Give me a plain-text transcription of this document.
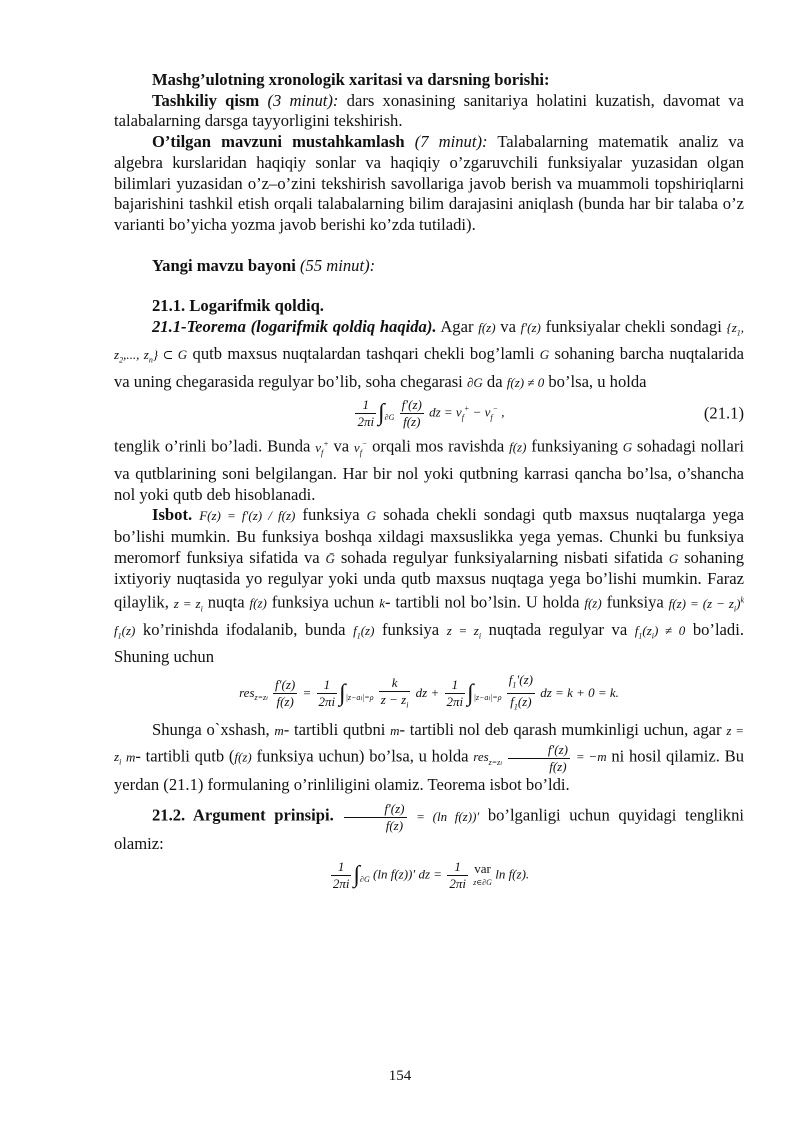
Mashg’ulotning xronologik xaritasi va darsning borishi:

Tashkiliy qism (3 minut): dars xonasining sanitariya holatini kuzatish, davomat va talabalarning darsga tayyorligini tekshirish.

O’tilgan mavzuni mustahkamlash (7 minut): Talabalarning matematik analiz va algebra kurslaridan haqiqiy sonlar va haqiqiy o’zgaruvchili funksiyalar yuzasidan olgan bilimlari yuzasidan o’z–o’zini tekshirish savollariga javob berish va muammoli topshiriqlarni bajarishini tashkil etish orqali talabalarning bilim darajasini aniqlash (bunda har bir talaba o’z varianti bo’yicha yozma javob berishi ko’zda tutiladi).

Yangi mavzu bayoni (55 minut):

21.1. Logarifmik qoldiq.

21.1-Teorema (logarifmik qoldiq haqida). Agar f(z) va f′(z) funksiyalar chekli sondagi {$z_1$, $z_2$,..., $z_n$} ⊂ G qutb maxsus nuqtalardan tashqari chekli bog’lamli G sohaning barcha nuqtalarida va uning chegarasida regulyar bo’lib, soha chegarasi ∂G da f(z) ≠ 0 bo’lsa, u holda

$\frac{1}{2\pi i} \int_{\partial G} \frac{f'(z)}{f(z)}$ dz = $\nu_f^+ - \nu_f^-$ ,	(21.1)

tenglik o’rinli bo’ladi. Bunda $\nu_f^+$ va $\nu_f^-$ orqali mos ravishda f(z) funksiyaning G sohadagi nollari va qutblarining soni belgilangan. Har bir nol yoki qutbning karrasi qancha bo’lsa, o’shancha nol yoki qutb deb hisoblanadi.

Isbot. F(z) = f′(z) / f(z) funksiya G sohada chekli sondagi qutb maxsus nuqtalarga yega bo’lishi mumkin. Bu funksiya boshqa xildagi maxsuslikka yega yemas. Chunki bu funksiya meromorf funksiya sifatida va Ḡ sohada regulyar funksiyalarning nisbati sifatida G sohaning ixtiyoriy nuqtasida yo regulyar yoki unda qutb maxsus nuqtaga yega bo’lishi mumkin. Faraz qilaylik, $z = z_i$ nuqta f(z) funksiya uchun k- tartibli nol bo’lsin. U holda f(z) funksiya $f(z) = (z - z_i)^k$ $f_1(z)$ ko’rinishda ifodalanib, bunda $f_1(z)$ funksiya $z = z_i$ nuqtada regulyar va $f_1(z_i) \ne 0$ bo’ladi. Shuning uchun

$res_{z=zi} \frac{f'(z)}{f(z)} = \frac{1}{2\pi i} \int_{|z-ai|=\rho} \frac{k}{z - z_i}$ dz + $\frac{1}{2\pi i} \int_{|z-ai|=\rho} \frac{f_1'(z)}{f_1(z)}$ dz = k + 0 = k.

Shunga o`xshash, m- tartibli qutbni m- tartibli nol deb qarash mumkinligi uchun, agar $z = z_i$ m- tartibli qutb (f(z) funksiya uchun) bo’lsa, u holda $res_{z=zi} \frac{f'(z)}{f(z)} = -m$ ni hosil qilamiz. Bu yerdan (21.1) formulaning o’rinliligini olamiz. Teorema isbot bo’ldi.

21.2. Argument prinsipi. $\frac{f'(z)}{f(z)} = (\ln$ f(z))′ bo’lganligi uchun quyidagi tenglikni olamiz:

$\frac{1}{2\pi i} \int_{\partial G}$ (ln f(z))′ dz = $\frac{1}{2\pi i}$ var
z∈∂G ln f(z).
154
